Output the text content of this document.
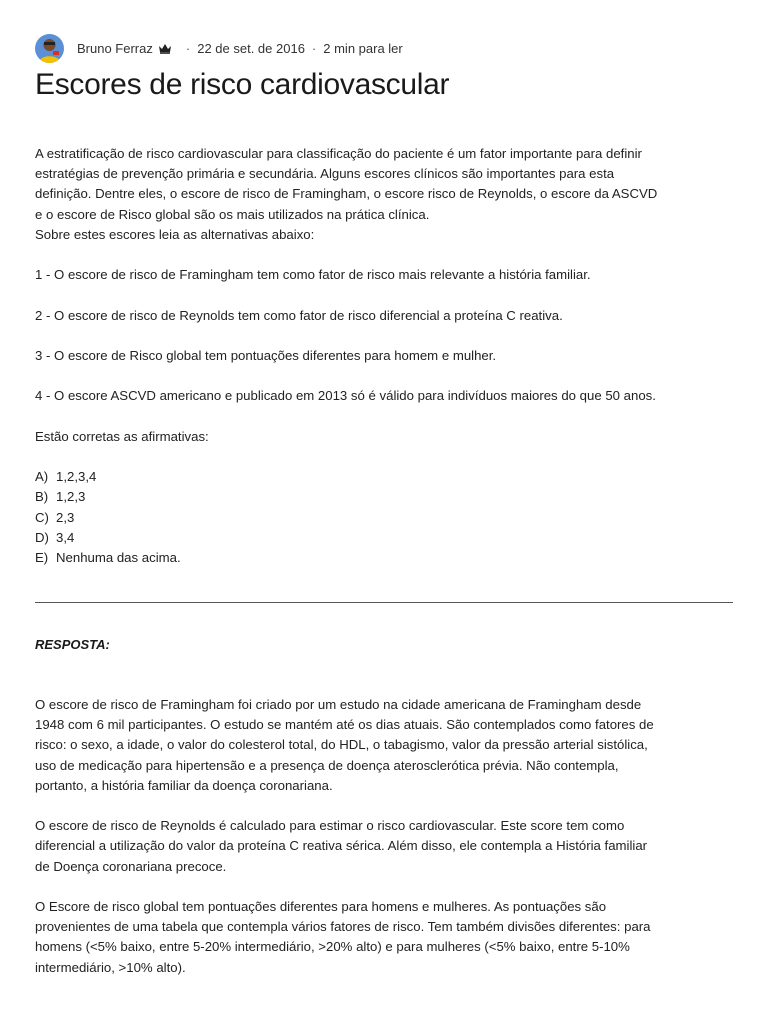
Bruno Ferraz	· 22 de set. de 2016 · 2 min para ler
Escores de risco cardiovascular

A estratificação de risco cardiovascular para classificação do paciente é um fator importante para definir

estratégias de prevenção primária e secundária. Alguns escores clínicos são importantes para esta

definição. Dentre eles, o escore de risco de Framingham, o escore risco de Reynolds, o escore da ASCVD

e o escore de Risco global são os mais utilizados na prática clínica.

Sobre estes escores leia as alternativas abaixo:

1 - O escore de risco de Framingham tem como fator de risco mais relevante a história familiar.

2 - O escore de risco de Reynolds tem como fator de risco diferencial a proteína C reativa.

3 - O escore de Risco global tem pontuações diferentes para homem e mulher.

4 - O escore ASCVD americano e publicado em 2013 só é válido para indivíduos maiores do que 50 anos.

Estão corretas as afirmativas:

A) 1,2,3,4
B) 1,2,3
C) 2,3
D) 3,4
E) Nenhuma das acima.
RESPOSTA:

O escore de risco de Framingham foi criado por um estudo na cidade americana de Framingham desde

1948 com 6 mil participantes. O estudo se mantém até os dias atuais. São contemplados como fatores de

risco: o sexo, a idade, o valor do colesterol total, do HDL, o tabagismo, valor da pressão arterial sistólica,

uso de medicação para hipertensão e a presença de doença aterosclerótica prévia. Não contempla,

portanto, a história familiar da doença coronariana.

O escore de risco de Reynolds é calculado para estimar o risco cardiovascular. Este score tem como

diferencial a utilização do valor da proteína C reativa sérica. Além disso, ele contempla a História familiar

de Doença coronariana precoce.

O Escore de risco global tem pontuações diferentes para homens e mulheres. As pontuações são

provenientes de uma tabela que contempla vários fatores de risco. Tem também divisões diferentes: para

homens (<5% baixo, entre 5-20% intermediário, >20% alto) e para mulheres (<5% baixo, entre 5-10%

intermediário, >10% alto).
